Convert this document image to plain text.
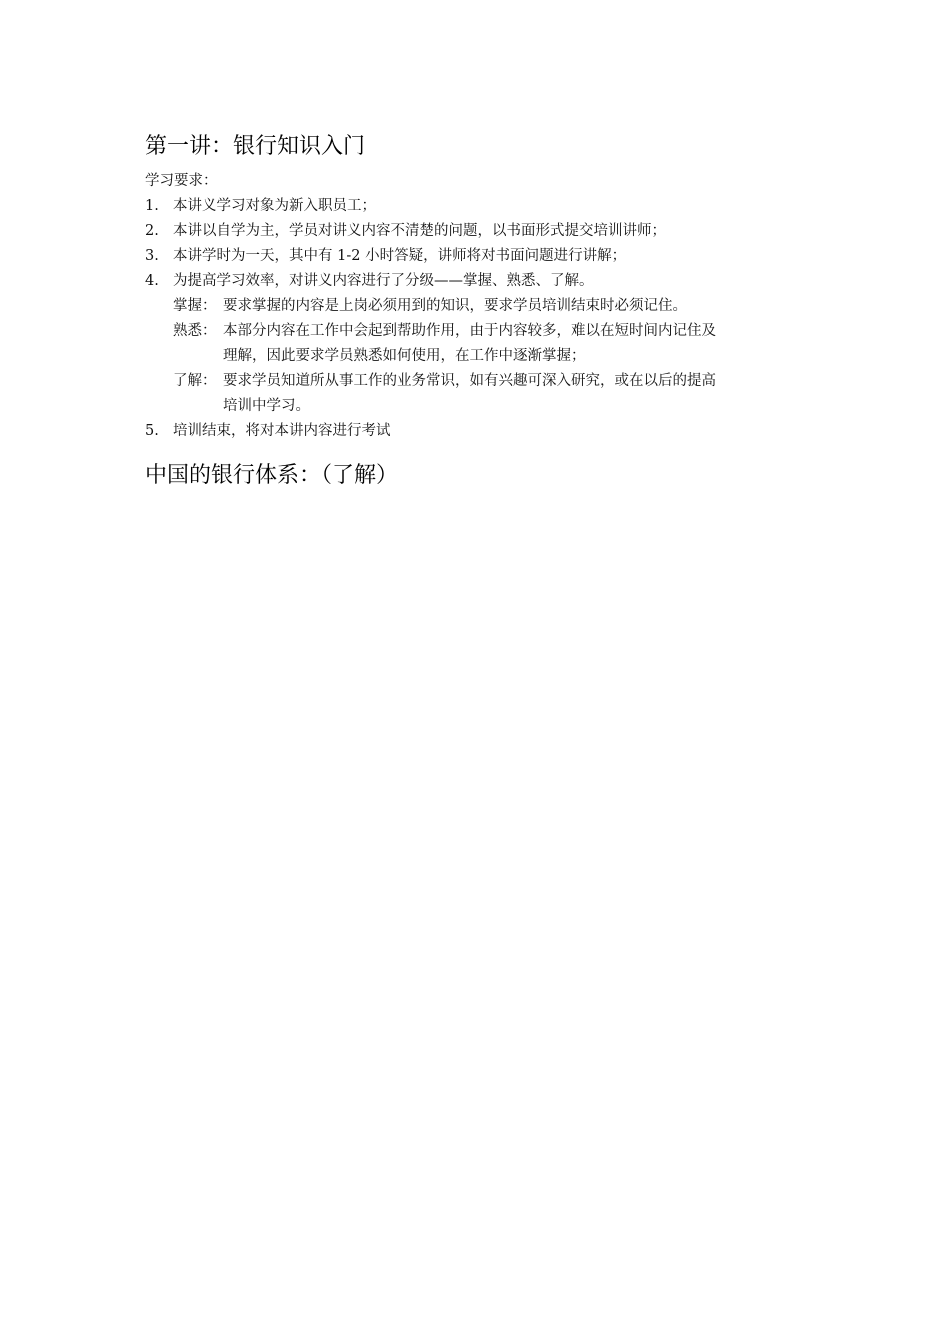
第一讲：银行知识入门
学习要求：
1. 本讲义学习对象为新入职员工；
2. 本讲以自学为主，学员对讲义内容不清楚的问题，以书面形式提交培训讲师；
3. 本讲学时为一天，其中有 1-2 小时答疑，讲师将对书面问题进行讲解；
4. 为提高学习效率，对讲义内容进行了分级——掌握、熟悉、了解。
掌握： 要求掌握的内容是上岗必须用到的知识，要求学员培训结束时必须记住。
熟悉： 本部分内容在工作中会起到帮助作用，由于内容较多，难以在短时间内记住及
理解，因此要求学员熟悉如何使用，在工作中逐渐掌握；
了解： 要求学员知道所从事工作的业务常识，如有兴趣可深入研究，或在以后的提高
培训中学习。
5. 培训结束，将对本讲内容进行考试
中国的银行体系：（了解）
